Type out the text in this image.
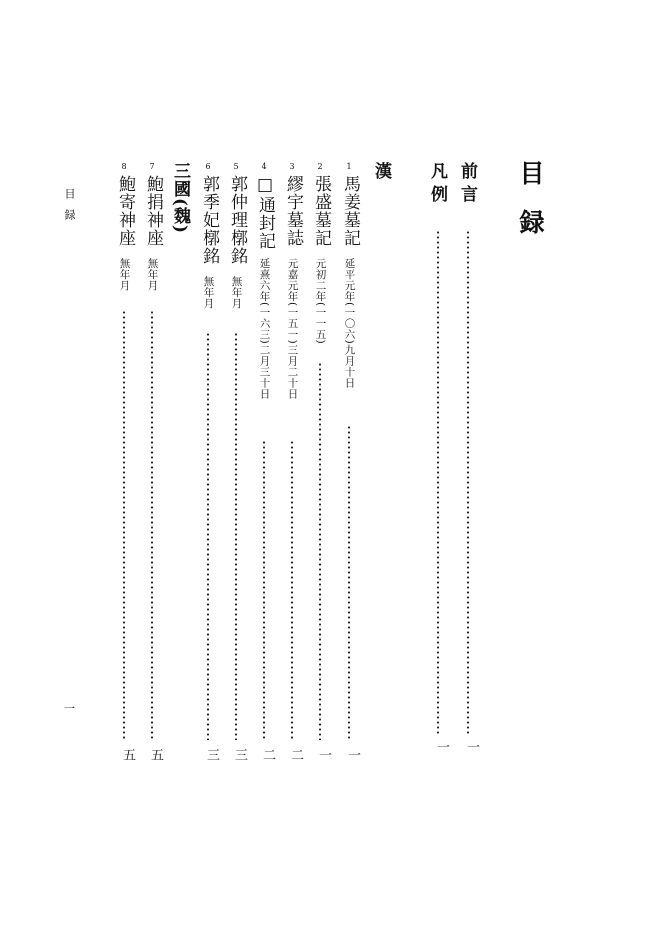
目録
前言
一
凡例
一
漢
1
馬姜墓記
延平元年(一〇六)九月十日
一
2
張盛墓記
元初二年(一一五)
一
3
繆宇墓誌
元嘉元年(一五一)三月二十日
二
4
□通封記
延熹六年(一六三)二月三十日
二
5
郭仲理槨銘
無年月
三
6
郭季妃槨銘
無年月
三
三國(魏)
7
鮑捐神座
無年月
五
8
鮑寄神座
無年月
五
目録
一
